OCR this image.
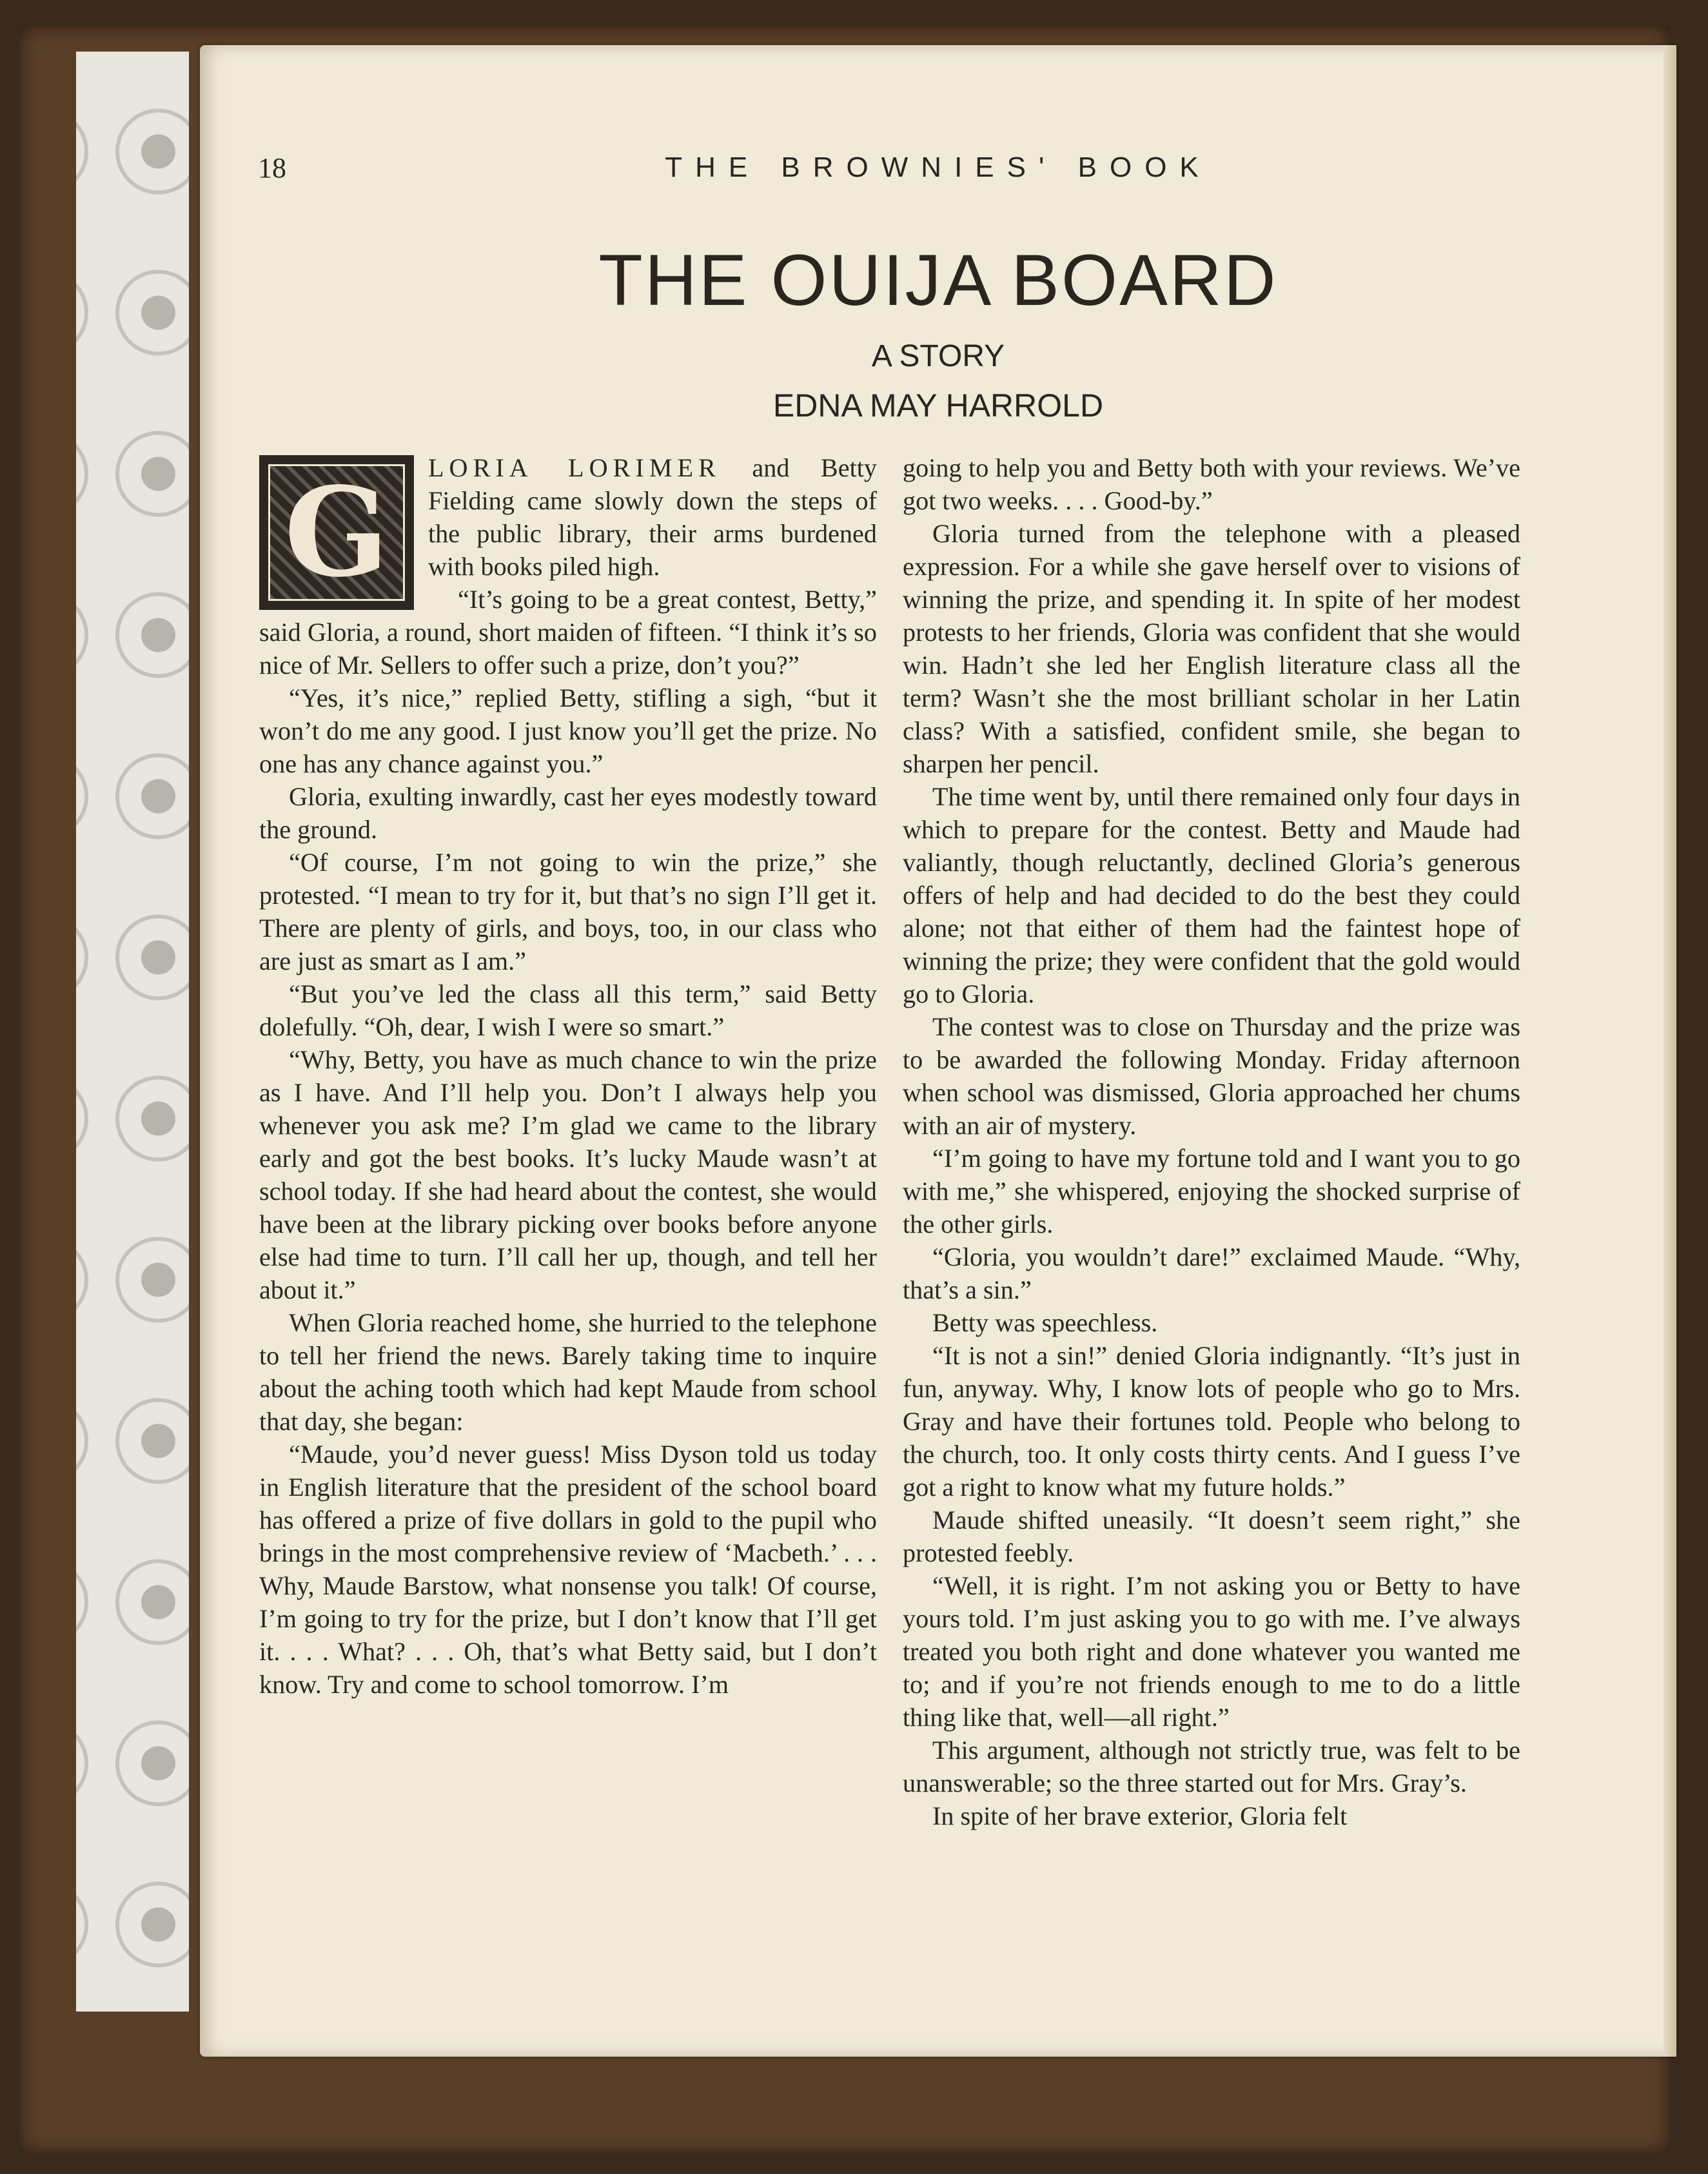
18	THE BROWNIES' BOOK
THE OUIJA BOARD
A STORY
EDNA MAY HARROLD
G	LORIA LORIMER and Betty Fielding came slowly down the steps of the public library, their arms burdened with books piled high.

“It’s going to be a great contest, Betty,” said Gloria, a round, short maiden of fifteen. “I think it’s so nice of Mr. Sellers to offer such a prize, don’t you?”

“Yes, it’s nice,” replied Betty, stifling a sigh, “but it won’t do me any good. I just know you’ll get the prize. No one has any chance against you.”

Gloria, exulting inwardly, cast her eyes modestly toward the ground.

“Of course, I’m not going to win the prize,” she protested. “I mean to try for it, but that’s no sign I’ll get it. There are plenty of girls, and boys, too, in our class who are just as smart as I am.”

“But you’ve led the class all this term,” said Betty dolefully. “Oh, dear, I wish I were so smart.”

“Why, Betty, you have as much chance to win the prize as I have. And I’ll help you. Don’t I always help you whenever you ask me? I’m glad we came to the library early and got the best books. It’s lucky Maude wasn’t at school today. If she had heard about the contest, she would have been at the library picking over books before anyone else had time to turn. I’ll call her up, though, and tell her about it.”

When Gloria reached home, she hurried to the telephone to tell her friend the news. Barely taking time to inquire about the aching tooth which had kept Maude from school that day, she began:

“Maude, you’d never guess! Miss Dyson told us today in English literature that the president of the school board has offered a prize of five dollars in gold to the pupil who brings in the most comprehensive review of ‘Macbeth.’ . . . Why, Maude Barstow, what nonsense you talk! Of course, I’m going to try for the prize, but I don’t know that I’ll get it. . . . What? . . . Oh, that’s what Betty said, but I don’t know. Try and come to school tomorrow. I’m

going to help you and Betty both with your reviews. We’ve got two weeks. . . . Good-by.”

Gloria turned from the telephone with a pleased expression. For a while she gave herself over to visions of winning the prize, and spending it. In spite of her modest protests to her friends, Gloria was confident that she would win. Hadn’t she led her English literature class all the term? Wasn’t she the most brilliant scholar in her Latin class? With a satisfied, confident smile, she began to sharpen her pencil.

The time went by, until there remained only four days in which to prepare for the contest. Betty and Maude had valiantly, though reluctantly, declined Gloria’s generous offers of help and had decided to do the best they could alone; not that either of them had the faintest hope of winning the prize; they were confident that the gold would go to Gloria.

The contest was to close on Thursday and the prize was to be awarded the following Monday. Friday afternoon when school was dismissed, Gloria approached her chums with an air of mystery.

“I’m going to have my fortune told and I want you to go with me,” she whispered, enjoying the shocked surprise of the other girls.

“Gloria, you wouldn’t dare!” exclaimed Maude. “Why, that’s a sin.”

Betty was speechless.

“It is not a sin!” denied Gloria indignantly. “It’s just in fun, anyway. Why, I know lots of people who go to Mrs. Gray and have their fortunes told. People who belong to the church, too. It only costs thirty cents. And I guess I’ve got a right to know what my future holds.”

Maude shifted uneasily. “It doesn’t seem right,” she protested feebly.

“Well, it is right. I’m not asking you or Betty to have yours told. I’m just asking you to go with me. I’ve always treated you both right and done whatever you wanted me to; and if you’re not friends enough to me to do a little thing like that, well—all right.”

This argument, although not strictly true, was felt to be unanswerable; so the three started out for Mrs. Gray’s.

In spite of her brave exterior, Gloria felt
